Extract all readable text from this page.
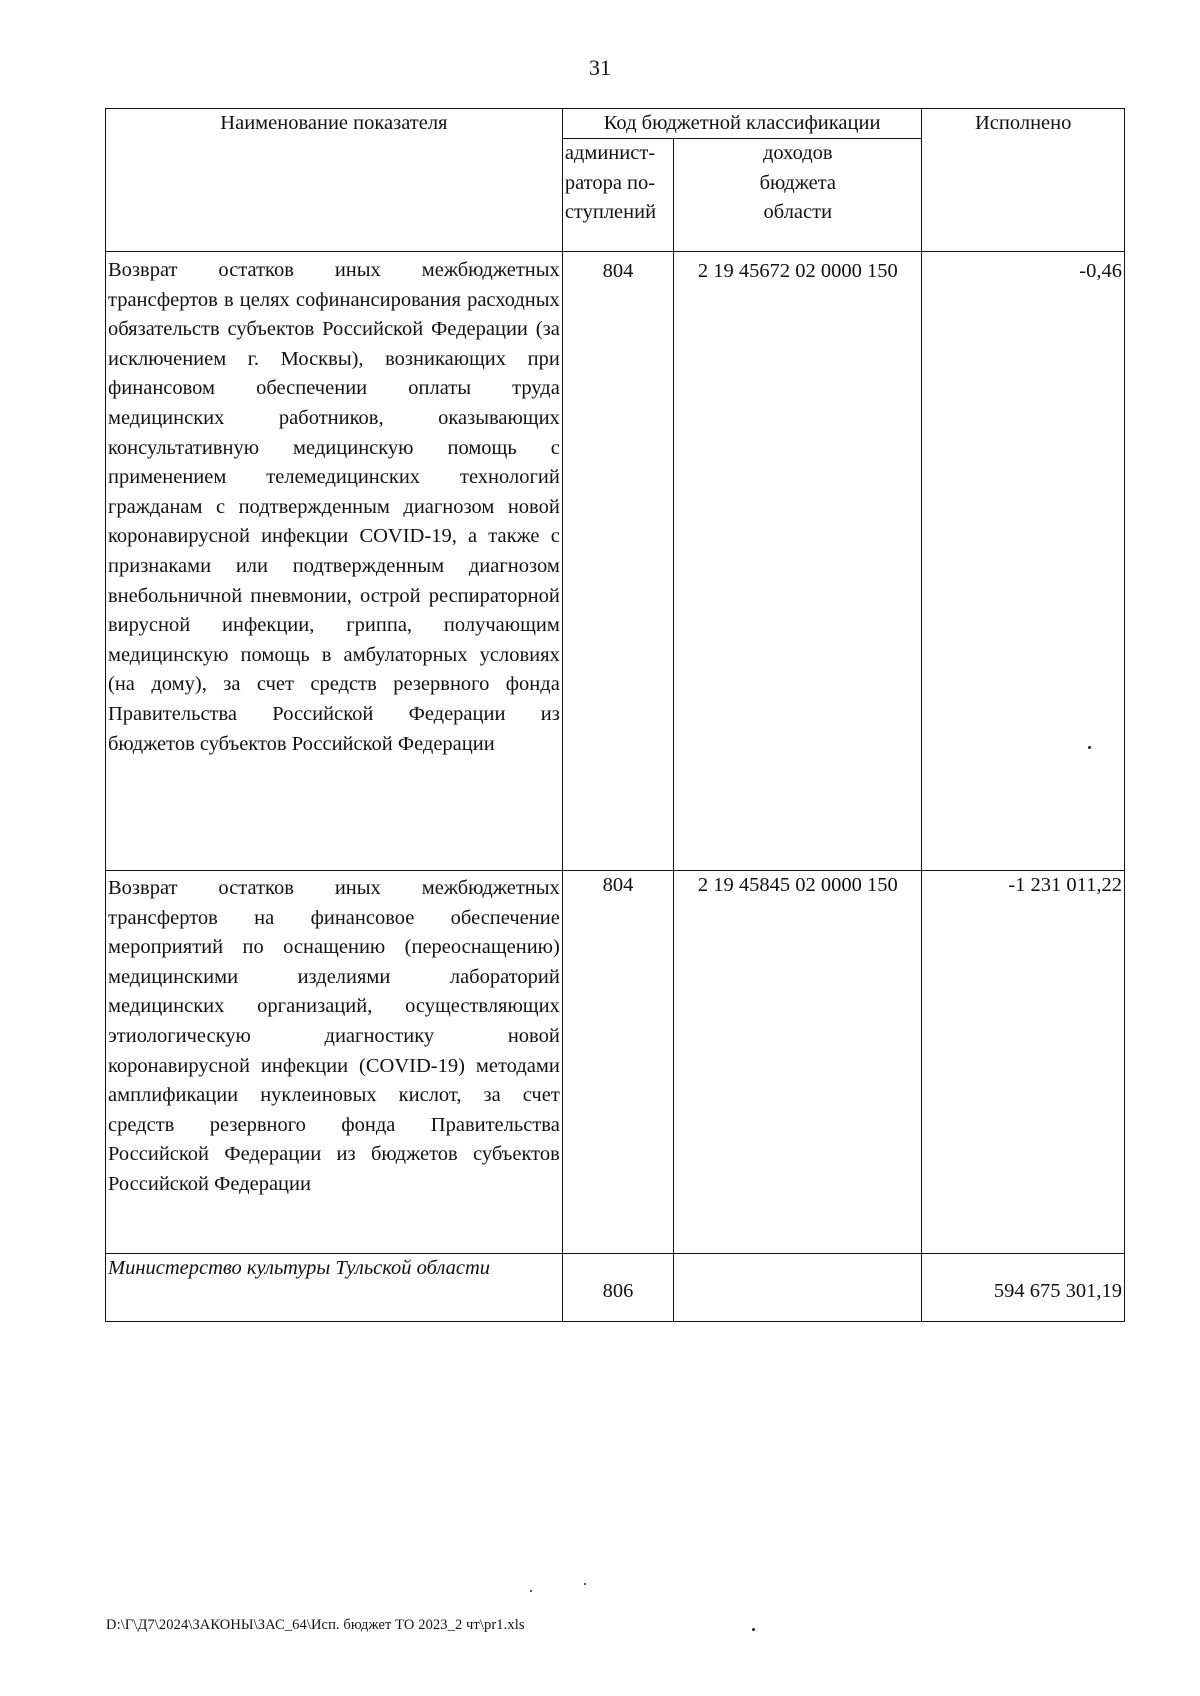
31
Наименование показателя	Код бюджетной классификации		Исполнено
	админист-ратора по-ступлений	доходов бюджета области	
Возврат остатков иных межбюджетных трансфертов в целях софинансирования расходных обязательств субъектов Российской Федерации (за исключением г. Москвы), возникающих при финансовом обеспечении оплаты труда медицинских работников, оказывающих консультативную медицинскую помощь с применением телемедицинских технологий гражданам с подтвержденным диагнозом новой коронавирусной инфекции COVID-19, а также с признаками или подтвержденным диагнозом внебольничной пневмонии, острой респираторной вирусной инфекции, гриппа, получающим медицинскую помощь в амбулаторных условиях (на дому), за счет средств резервного фонда Правительства Российской Федерации из бюджетов субъектов Российской Федерации	804	2 19 45672 02 0000 150	-0,46
Возврат остатков иных межбюджетных трансфертов на финансовое обеспечение мероприятий по оснащению (переоснащению) медицинскими изделиями лабораторий медицинских организаций, осуществляющих этиологическую диагностику новой коронавирусной инфекции (COVID-19) методами амплификации нуклеиновых кислот, за счет средств резервного фонда Правительства Российской Федерации из бюджетов субъектов Российской Федерации	804	2 19 45845 02 0000 150	-1 231 011,22
Министерство культуры Тульской области	806		594 675 301,19
D:\Г\Д7\2024\ЗАКОНЫ\ЗАС_64\Исп. бюджет ТО 2023_2 чт\pr1.xls
